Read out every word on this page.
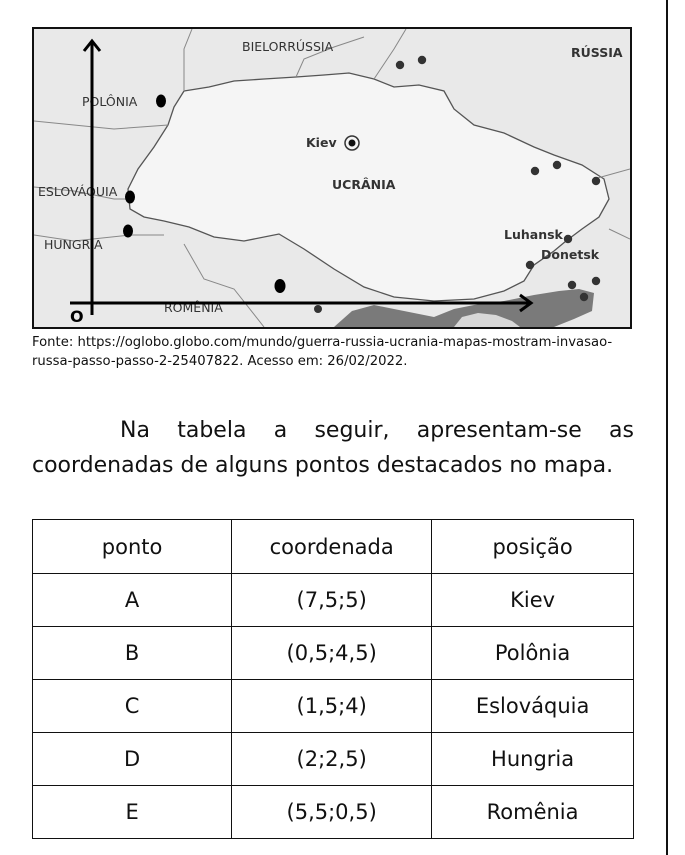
BIELORRÚSSIA	RÚSSIA
POLÔNIA
Kiev
UCRÂNIA
ESLOVÁQUIA
HUNGRIA
ROMÊNIA
Luhansk
Donetsk
O
Fonte: https://oglobo.globo.com/mundo/guerra-russia-ucrania-mapas-mostram-invasao-russa-passo-passo-2-25407822. Acesso em: 26/02/2022.
Na tabela a seguir, apresentam-se as coordenadas de alguns pontos destacados no mapa.
ponto	coordenada	posição
A	(7,5;5)	Kiev
B	(0,5;4,5)	Polônia
C	(1,5;4)	Eslováquia
D	(2;2,5)	Hungria
E	(5,5;0,5)	Romênia
